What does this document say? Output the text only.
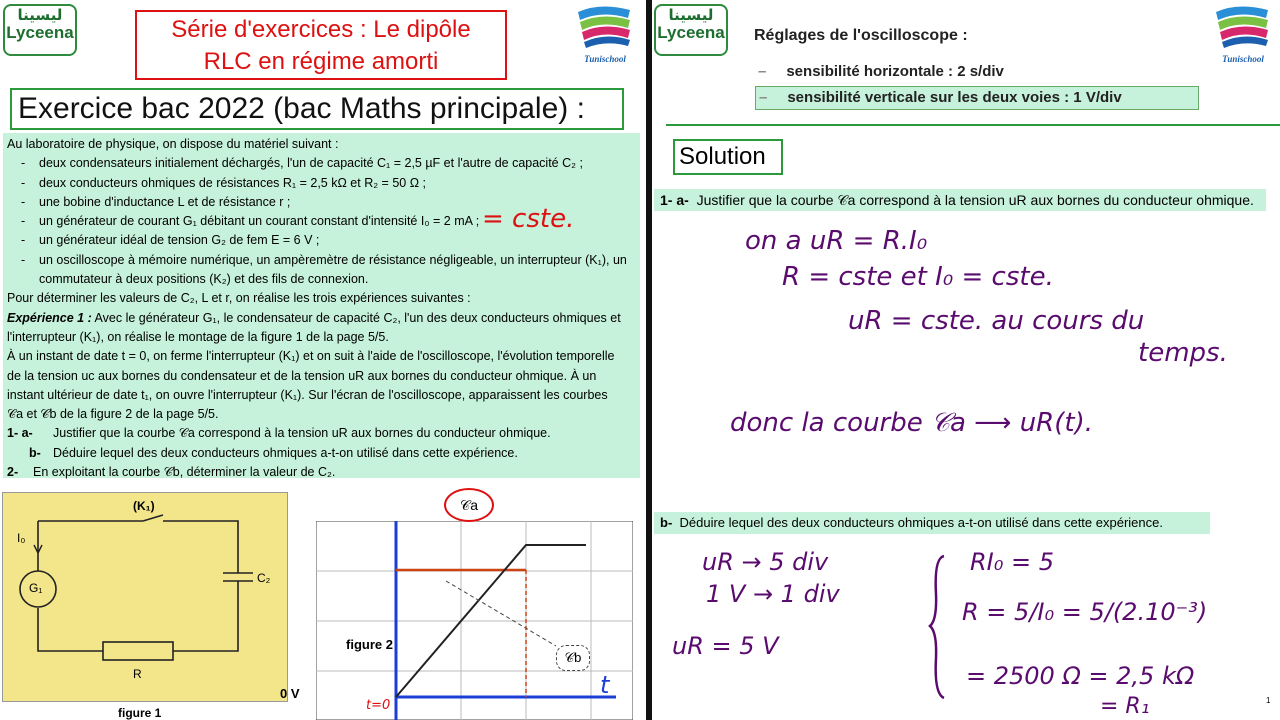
ليسينا
Lyceena	Série d'exercices : Le dipôle
RLC en régime amorti	Tunischool
Exercice bac 2022 (bac Maths principale) :
Au laboratoire de physique, on dispose du matériel suivant :
- deux condensateurs initialement déchargés, l'un de capacité C₁ = 2,5 µF et l'autre de capacité C₂ ;
- deux conducteurs ohmiques de résistances R₁ = 2,5 kΩ et R₂ = 50 Ω ;
- une bobine d'inductance L et de résistance r ;
- un générateur de courant G₁ débitant un courant constant d'intensité I₀ = 2 mA ;
- un générateur idéal de tension G₂ de fem E = 6 V ;
- un oscilloscope à mémoire numérique, un ampèremètre de résistance négligeable, un interrupteur (K₁), un
commutateur à deux positions (K₂) et des fils de connexion.
Pour déterminer les valeurs de C₂, L et r, on réalise les trois expériences suivantes :
Expérience 1 : Avec le générateur G₁, le condensateur de capacité C₂, l'un des deux conducteurs ohmiques et
l'interrupteur (K₁), on réalise le montage de la figure 1 de la page 5/5.
À un instant de date t = 0, on ferme l'interrupteur (K₁) et on suit à l'aide de l'oscilloscope, l'évolution temporelle
de la tension uc aux bornes du condensateur et de la tension uR aux bornes du conducteur ohmique. À un
instant ultérieur de date t₁, on ouvre l'interrupteur (K₁). Sur l'écran de l'oscilloscope, apparaissent les courbes
𝒞a et 𝒞b de la figure 2 de la page 5/5.
1- a- Justifier que la courbe 𝒞a correspond à la tension uR aux bornes du conducteur ohmique.
b- Déduire lequel des deux conducteurs ohmiques a-t-on utilisé dans cette expérience.
2- En exploitant la courbe 𝒞b, déterminer la valeur de C₂.
= cste.
(K₁)
I₀
G₁
C₂
R
figure 1
figure 2
𝒞b
t
𝒞a
0 V
t=0
ليسينا
Lyceena
Tunischool
Réglages de l'oscilloscope :
– sensibilité horizontale : 2 s/div
– sensibilité verticale sur les deux voies : 1 V/div
Solution
1- a- Justifier que la courbe 𝒞a correspond à la tension uR aux bornes du conducteur ohmique.
on a uR = R.I₀
R = cste et I₀ = cste.
uR = cste. au cours du
temps.
donc la courbe 𝒞a ⟶ uR(t).
b- Déduire lequel des deux conducteurs ohmiques a-t-on utilisé dans cette expérience.
uR → 5 div
1 V → 1 div
uR = 5 V
RI₀ = 5
R = 5/I₀ = 5/(2.10⁻³)
= 2500 Ω = 2,5 kΩ
= R₁	1
